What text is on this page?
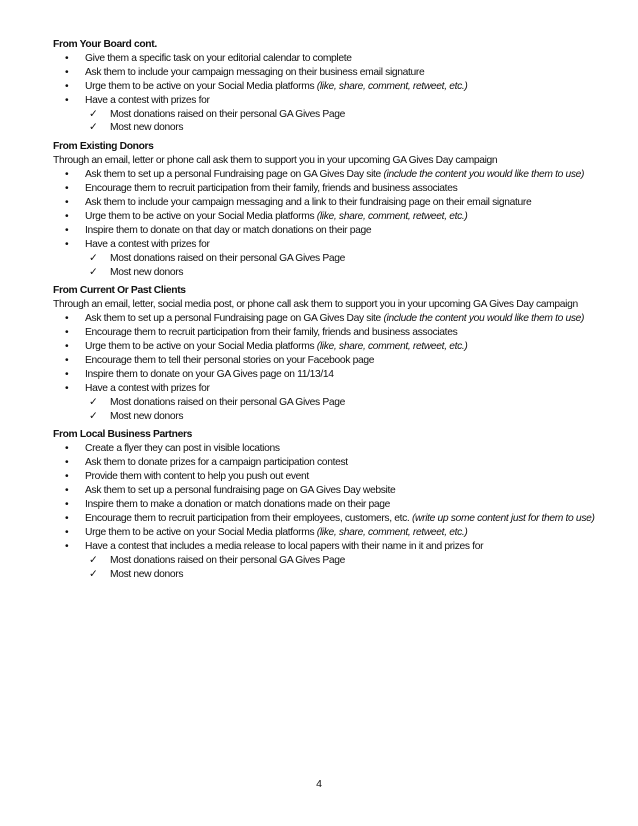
From Your Board cont.
• Give them a specific task on your editorial calendar to complete
• Ask them to include your campaign messaging on their business email signature
• Urge them to be active on your Social Media platforms (like, share, comment, retweet, etc.)
• Have a contest with prizes for
✓ Most donations raised on their personal GA Gives Page
✓ Most new donors
From Existing Donors
Through an email, letter or phone call ask them to support you in your upcoming GA Gives Day campaign
• Ask them to set up a personal Fundraising page on GA Gives Day site (include the content you would like them to use)
• Encourage them to recruit participation from their family, friends and business associates
• Ask them to include your campaign messaging and a link to their fundraising page on their email signature
• Urge them to be active on your Social Media platforms (like, share, comment, retweet, etc.)
• Inspire them to donate on that day or match donations on their page
• Have a contest with prizes for
✓ Most donations raised on their personal GA Gives Page
✓ Most new donors
From Current Or Past Clients
Through an email, letter, social media post, or phone call ask them to support you in your upcoming GA Gives Day campaign
• Ask them to set up a personal Fundraising page on GA Gives Day site (include the content you would like them to use)
• Encourage them to recruit participation from their family, friends and business associates
• Urge them to be active on your Social Media platforms (like, share, comment, retweet, etc.)
• Encourage them to tell their personal stories on your Facebook page
• Inspire them to donate on your GA Gives page on 11/13/14
• Have a contest with prizes for
✓ Most donations raised on their personal GA Gives Page
✓ Most new donors
From Local Business Partners
• Create a flyer they can post in visible locations
• Ask them to donate prizes for a campaign participation contest
• Provide them with content to help you push out event
• Ask them to set up a personal fundraising page on GA Gives Day website
• Inspire them to make a donation or match donations made on their page
• Encourage them to recruit participation from their employees, customers, etc. (write up some content just for them to use)
• Urge them to be active on your Social Media platforms (like, share, comment, retweet, etc.)
• Have a contest that includes a media release to local papers with their name in it and prizes for
✓ Most donations raised on their personal GA Gives Page
✓ Most new donors
4
